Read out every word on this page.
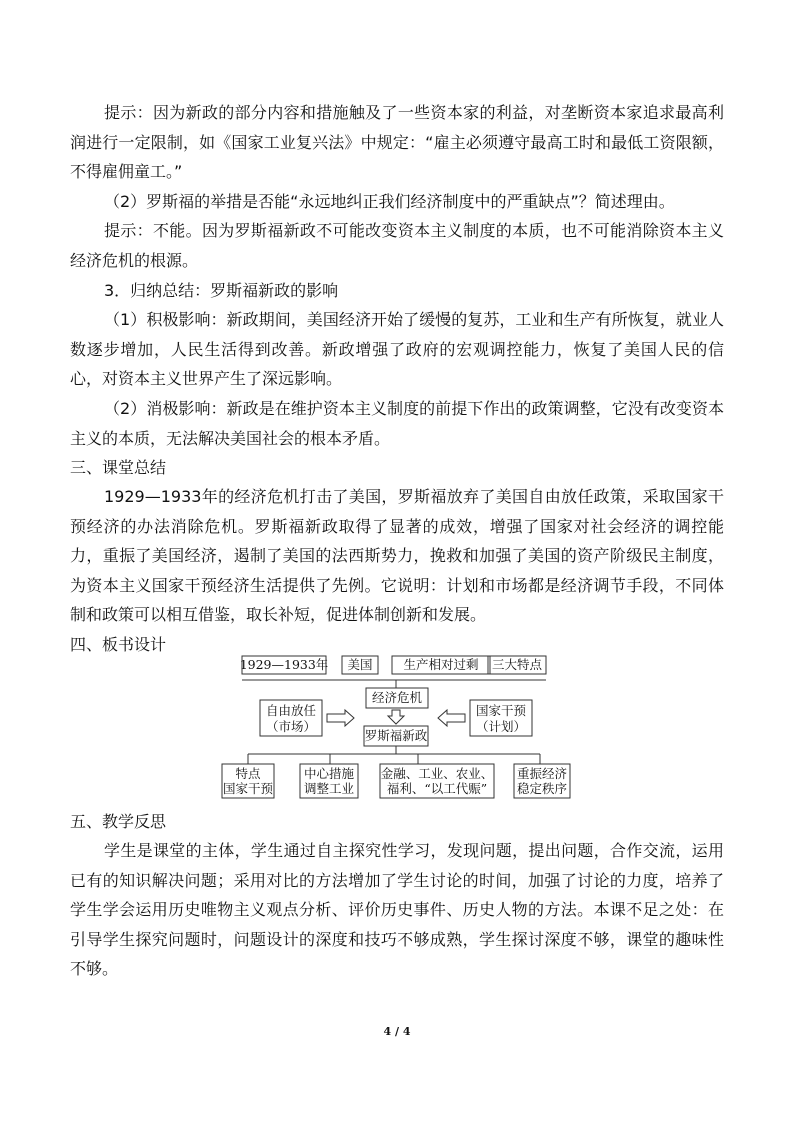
提示：因为新政的部分内容和措施触及了一些资本家的利益，对垄断资本家追求最高利润进行一定限制，如《国家工业复兴法》中规定：“雇主必须遵守最高工时和最低工资限额，不得雇佣童工。”

（2）罗斯福的举措是否能“永远地纠正我们经济制度中的严重缺点”？简述理由。

提示：不能。因为罗斯福新政不可能改变资本主义制度的本质，也不可能消除资本主义经济危机的根源。

3．归纳总结：罗斯福新政的影响

（1）积极影响：新政期间，美国经济开始了缓慢的复苏，工业和生产有所恢复，就业人数逐步增加，人民生活得到改善。新政增强了政府的宏观调控能力，恢复了美国人民的信心，对资本主义世界产生了深远影响。

（2）消极影响：新政是在维护资本主义制度的前提下作出的政策调整，它没有改变资本主义的本质，无法解决美国社会的根本矛盾。

三、课堂总结

1929—1933年的经济危机打击了美国，罗斯福放弃了美国自由放任政策，采取国家干预经济的办法消除危机。罗斯福新政取得了显著的成效，增强了国家对社会经济的调控能力，重振了美国经济，遏制了美国的法西斯势力，挽救和加强了美国的资产阶级民主制度，为资本主义国家干预经济生活提供了先例。它说明：计划和市场都是经济调节手段，不同体制和政策可以相互借鉴，取长补短，促进体制创新和发展。

四、板书设计

1929—1933年 美国 生产相对过剩 三大特点
经济危机
自由放任
（市场）
国家干预
（计划）
罗斯福新政
特点
国家干预
中心措施
调整工业
金融、工业、农业、
福利、“以工代赈”
重振经济
稳定秩序

五、教学反思

学生是课堂的主体，学生通过自主探究性学习，发现问题，提出问题，合作交流，运用已有的知识解决问题；采用对比的方法增加了学生讨论的时间，加强了讨论的力度，培养了学生学会运用历史唯物主义观点分析、评价历史事件、历史人物的方法。本课不足之处：在引导学生探究问题时，问题设计的深度和技巧不够成熟，学生探讨深度不够，课堂的趣味性不够。

4 / 4
